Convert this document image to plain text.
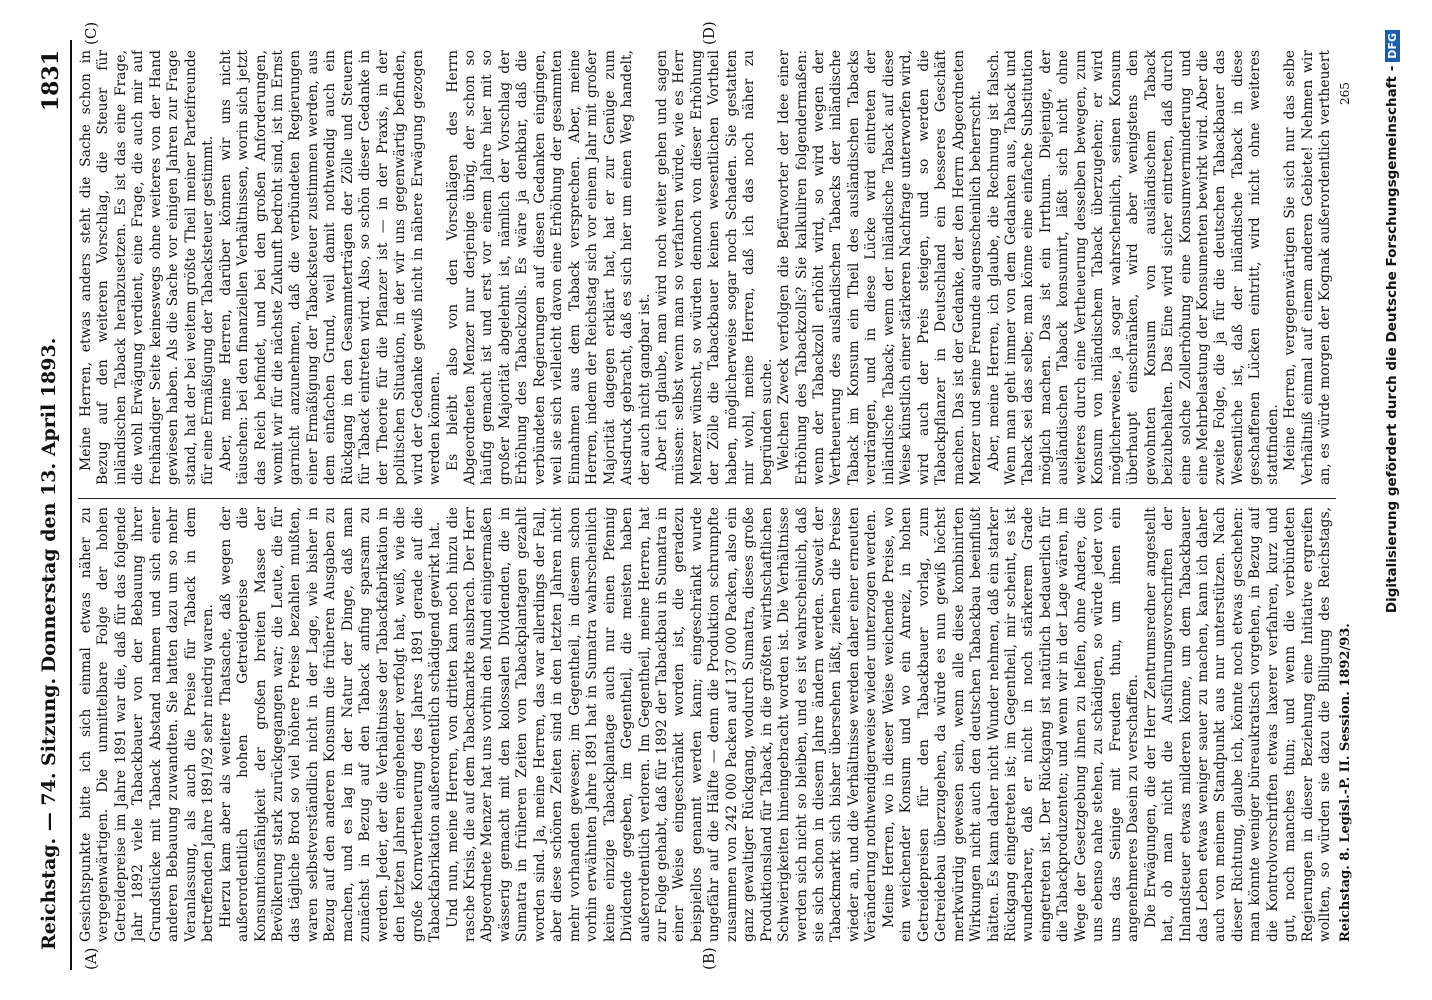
Reichstag. — 74. Sitzung.
Donnerstag den 13. April 1893.
1831
(A)	(B)
(C)	(D)

Gesichtspunkte bitte ich sich einmal etwas näher zu vergegenwärtigen. Die unmittelbare Folge der hohen Getreidepreise im Jahre 1891 war die, daß für das folgende Jahr 1892 viele Tabackbauer von der Bebauung ihrer Grundstücke mit Taback Abstand nahmen und sich einer anderen Bebauung zuwandten. Sie hatten dazu um so mehr Veranlassung, als auch die Preise für Taback in dem betreffenden Jahre 1891/92 sehr niedrig waren. Hierzu kam aber als weitere Thatsache, daß wegen der außerordentlich hohen Getreidepreise die Konsumtionsfähigkeit der großen breiten Masse der Bevölkerung stark zurückgegangen war; die Leute, die für das tägliche Brod so viel höhere Preise bezahlen mußten, waren selbstverständlich nicht in der Lage, wie bisher in Bezug auf den anderen Konsum die früheren Ausgaben zu machen, und es lag in der Natur der Dinge, daß man zunächst in Bezug auf den Taback anfing sparsam zu werden. Jeder, der die Verhältnisse der Tabackfabrikation in den letzten Jahren eingehender verfolgt hat, weiß, wie die große Kornvertheuerung des Jahres 1891 gerade auf die Tabackfabrikation außerordentlich schädigend gewirkt hat. Und nun, meine Herren, von dritten kam noch hinzu die rasche Krisis, die auf dem Tabackmarkte ausbrach. Der Herr Abgeordnete Menzer hat uns vorhin den Mund einigermaßen wässerig gemacht mit den kolossalen Dividenden, die in Sumatra in früheren Zeiten von Tabackplantagen gezahlt worden sind. Ja, meine Herren, das war allerdings der Fall, aber diese schönen Zeiten sind in den letzten Jahren nicht mehr vorhanden gewesen; im Gegentheil, in diesem schon vorhin erwähnten Jahre 1891 hat in Sumatra wahrscheinlich keine einzige Tabackplantage auch nur einen Pfennig Dividende gegeben, im Gegentheil, die meisten haben außerordentlich verloren. Im Gegentheil, meine Herren, hat zur Folge gehabt, daß für 1892 der Tabackbau in Sumatra in einer Weise eingeschränkt worden ist, die geradezu beispiellos genannt werden kann; eingeschränkt wurde ungefähr auf die Hälfte — denn die Produktion schrumpfte zusammen von 242 000 Packen auf 137 000 Packen, also ein ganz gewaltiger Rückgang, wodurch Sumatra, dieses große Produktionsland für Taback, in die größten wirthschaftlichen Schwierigkeiten hineingebracht worden ist. Die Verhältnisse werden sich nicht so bleiben, und es ist wahrscheinlich, daß sie sich schon in diesem Jahre ändern werden. Soweit der Tabackmarkt sich bisher übersehen läßt, ziehen die Preise wieder an, und die Verhältnisse werden daher einer erneuten Veränderung nothwendigerweise wieder unterzogen werden. Meine Herren, wo in dieser Weise weichende Preise, wo ein weichender Konsum und wo ein Anreiz, in hohen Getreidepreisen für den Tabackbauer vorlag, zum Getreidebau überzugehen, da würde es nun gewiß höchst merkwürdig gewesen sein, wenn alle diese kombinirten Wirkungen nicht auch den deutschen Tabackbau beeinflußt hätten. Es kann daher nicht Wunder nehmen, daß ein starker Rückgang eingetreten ist; im Gegentheil, mir scheint, es ist wunderbarer, daß er nicht in noch stärkerem Grade eingetreten ist. Der Rückgang ist natürlich bedauerlich für die Tabackproduzenten; und wenn wir in der Lage wären, im Wege der Gesetzgebung ihnen zu helfen, ohne Andere, die uns ebenso nahe stehen, zu schädigen, so würde jeder von uns das Seinige mit Freuden thun, um ihnen ein angenehmeres Dasein zu verschaffen. Die Erwägungen, die der Herr Zentrumsredner angestellt hat, ob man nicht die Ausführungsvorschriften der Inlandsteuer etwas milderen könne, um dem Tabackbauer das Leben etwas weniger sauer zu machen, kann ich daher auch von meinem Standpunkt aus nur unterstützen. Nach dieser Richtung, glaube ich, könnte noch etwas geschehen: man könnte weniger büreaukratisch vorgehen, in Bezug auf die Kontrolvorschriften etwas laxerer verfahren, kurz und gut, noch manches thun; und wenn die verbündeten Regierungen in dieser Beziehung eine Initiative ergreifen wollten, so würden sie dazu die Billigung des Reichstags,

Meine Herren, etwas anders steht die Sache schon in Bezug auf den weiteren Vorschlag, die Steuer für inländischen Taback herabzusetzen. Es ist das eine Frage, die wohl Erwägung verdient, eine Frage, die auch mir auf freihändiger Seite keineswegs ohne weiteres von der Hand gewiesen haben. Als die Sache vor einigen Jahren zur Frage stand, hat der bei weitem größte Theil meiner Parteifreunde für eine Ermäßigung der Tabacksteuer gestimmt. Aber, meine Herren, darüber können wir uns nicht täuschen: bei den finanziellen Verhältnissen, worin sich jetzt das Reich befindet, und bei den großen Anforderungen, womit wir für die nächste Zukunft bedroht sind, ist im Ernst garnicht anzunehmen, daß die verbündeten Regierungen einer Ermäßigung der Tabacksteuer zustimmen werden, aus dem einfachen Grund, weil damit nothwendig auch ein Rückgang in den Gesammterträgen der Zölle und Steuern für Taback eintreten wird. Also, so schön dieser Gedanke in der Theorie für die Pflanzer ist — in der Praxis, in der politischen Situation, in der wir uns gegenwärtig befinden, wird der Gedanke gewiß nicht in nähere Erwägung gezogen werden können. Es bleibt also von den Vorschlägen des Herrn Abgeordneten Menzer nur derjenige übrig, der schon so häufig gemacht ist und erst vor einem Jahre hier mit so großer Majorität abgelehnt ist, nämlich der Vorschlag der Erhöhung des Tabackzolls. Es wäre ja denkbar, daß die verbündeten Regierungen auf diesen Gedanken eingingen, weil sie sich vielleicht davon eine Erhöhung der gesammten Einnahmen aus dem Taback versprechen. Aber, meine Herren, indem der Reichstag sich vor einem Jahr mit großer Majorität dagegen erklärt hat, hat er zur Genüge zum Ausdruck gebracht, daß es sich hier um einen Weg handelt, der auch nicht gangbar ist. Aber ich glaube, man wird noch weiter gehen und sagen müssen: selbst wenn man so verfahren würde, wie es Herr Menzer wünscht, so würden dennoch von dieser Erhöhung der Zölle die Tabackbauer keinen wesentlichen Vortheil haben, möglicherweise sogar noch Schaden. Sie gestatten mir wohl, meine Herren, daß ich das noch näher zu begründen suche. Welchen Zweck verfolgen die Befürworter der Idee einer Erhöhung des Tabackzolls? Sie kalkuliren folgendermaßen: wenn der Tabackzoll erhöht wird, so wird wegen der Vertheuerung des ausländischen Tabacks der inländische Taback im Konsum ein Theil des ausländischen Tabacks verdrängen, und in diese Lücke wird eintreten der inländische Taback; wenn der inländische Taback auf diese Weise künstlich einer stärkeren Nachfrage unterworfen wird, wird auch der Preis steigen, und so werden die Tabackpflanzer in Deutschland ein besseres Geschäft machen. Das ist der Gedanke, der den Herrn Abgeordneten Menzer und seine Freunde augenscheinlich beherrscht. Aber, meine Herren, ich glaube, die Rechnung ist falsch. Wenn man geht immer von dem Gedanken aus, Taback und Taback sei das selbe; man könne eine einfache Substitution möglich machen. Das ist ein Irrthum. Diejenige, der ausländischen Taback konsumirt, läßt sich nicht ohne weiteres durch eine Vertheuerung desselben bewegen, zum Konsum von inländischem Taback überzugehen; er wird möglicherweise, ja sogar wahrscheinlich, seinen Konsum überhaupt einschränken, wird aber wenigstens den gewohnten Konsum von ausländischem Taback beizubehalten. Das Eine wird sicher eintreten, daß durch eine solche Zollerhöhung eine Konsumverminderung und eine Mehrbelastung der Konsumenten bewirkt wird. Aber die zweite Folge, die ja für die deutschen Tabackbauer das Wesentliche ist, daß der inländische Taback in diese geschaffenen Lücken eintritt, wird nicht ohne weiteres stattfinden. Meine Herren, vergegenwärtigen Sie sich nur das selbe Verhältniß einmal auf einem anderen Gebiete! Nehmen wir an, es würde morgen der Kognak außerordentlich vertheuert

Reichstag. 8. Legisl.-P. II. Session. 1892/93.
265 Digitalisierung gefördert durch die Deutsche Forschungsgemeinschaft -DFG
